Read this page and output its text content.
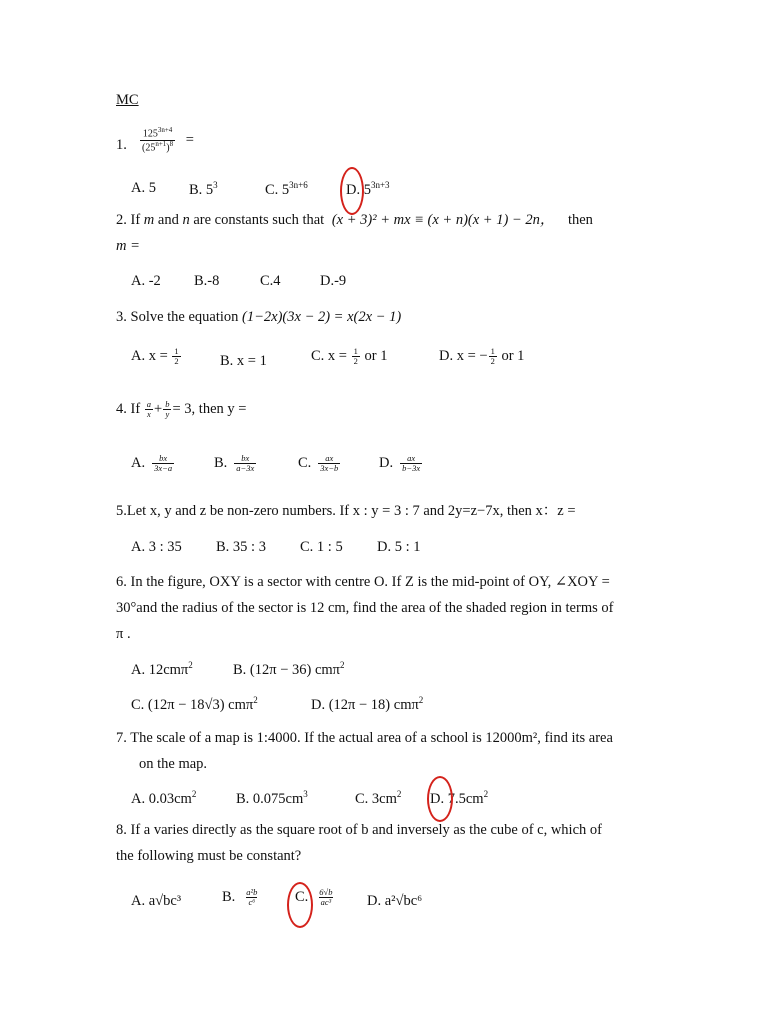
MC
1. $\frac{125^{3n+4}}{(25^{n+1})^8}$ =
A. 5 B. $5^3$	C. $5^{3n+6}$	D. $5^{3n+3}$
2. If m and n are constants such that (x + 3)² + mx ≡ (x + n)(x + 1) − 2n， then
m =
A. -2 B.-8	C.4	D.-9
3. Solve the equation (1−2x)(3x − 2) = x(2x − 1)
A. $x = \frac{1}{2}$	B. x = 1	C. $x = \frac{1}{2}$ or 1	D. x = − $\frac{1}{2}$ or 1
4. If $\frac{a}{x} + \frac{b}{y} = 3$, then y =
A. $\frac{bx}{3x-a}$	B. $\frac{bx}{a-3x}$	C. $\frac{ax}{3x-b}$	D. $\frac{ax}{b-3x}$
5.Let x, y and z be non-zero numbers. If x : y = 3 : 7 and 2y=z−7x, then x：z =
A. 3 : 35 B. 35 : 3 C. 1 : 5 D. 5 : 1
6. In the figure, OXY is a sector with centre O. If Z is the mid-point of OY, ∠XOY =
30°and the radius of the sector is 12 cm, find the area of the shaded region in terms of
π .
A. 12cmπ$^2$	B. (12π − 36) cmπ$^2$
C. (12π − 18√3) cmπ$^2$	D. (12π − 18) cmπ$^2$
7. The scale of a map is 1:4000. If the actual area of a school is 12000m², find its area
on the map.
A. $0.03cm^2$	B. $0.075cm^3$	C. $3cm^2$ D. $7.5cm^2$
8. If a varies directly as the square root of b and inversely as the cube of c, which of
the following must be constant?
A. a√bc³	B. $\frac{\text{a²b}}{\text{c⁶}} C$. $\frac{6√b}{\text{ac³}} D$. a²√bc⁶
